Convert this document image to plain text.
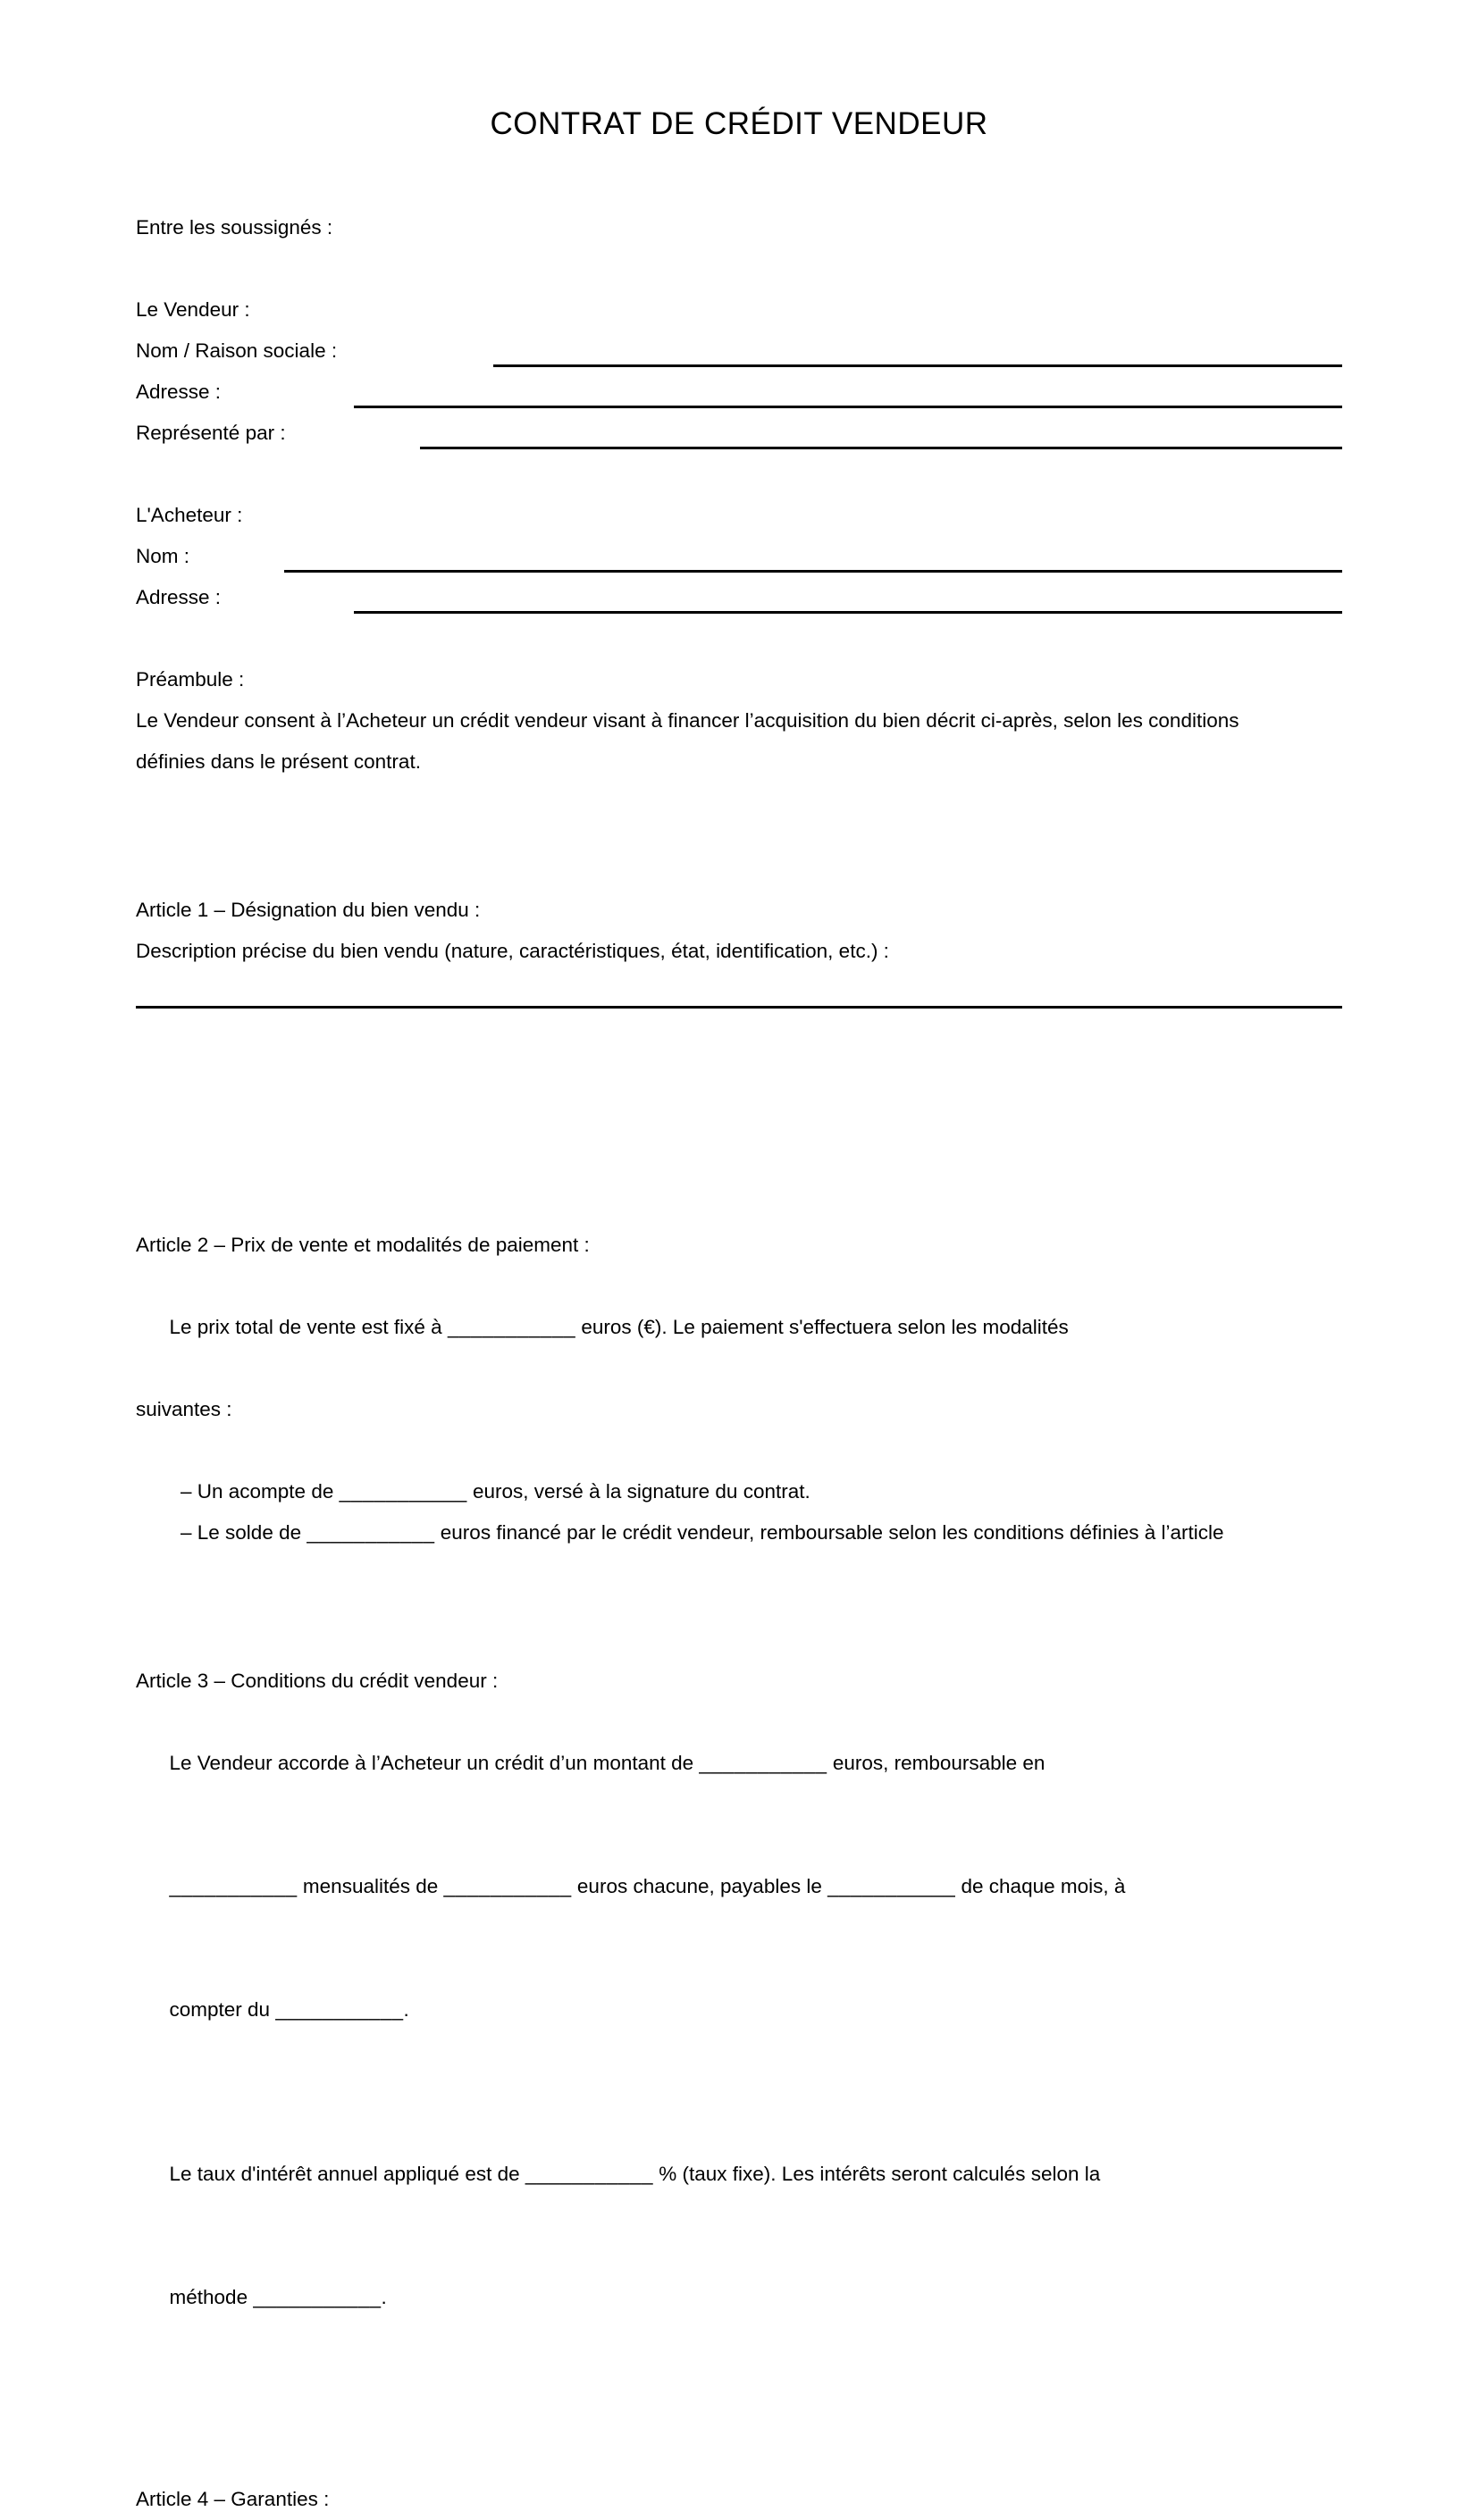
CONTRAT DE CRÉDIT VENDEUR
Entre les soussignés :
Le Vendeur :
Nom / Raison sociale :
Adresse :
Représenté par :
L'Acheteur :
Nom :
Adresse :
Préambule :
Le Vendeur consent à l’Acheteur un crédit vendeur visant à financer l’acquisition du bien décrit ci-après, selon les conditions définies dans le présent contrat.
Article 1 – Désignation du bien vendu :
Description précise du bien vendu (nature, caractéristiques, état, identification, etc.) :
Article 2 – Prix de vente et modalités de paiement :

Le prix total de vente est fixé à ___________ euros (€). Le paiement s'effectuera selon les modalités

suivantes :
– Un acompte de ___________ euros, versé à la signature du contrat.
– Le solde de ___________ euros financé par le crédit vendeur, remboursable selon les conditions définies à l’article
Article 3 – Conditions du crédit vendeur :

Le Vendeur accorde à l’Acheteur un crédit d’un montant de ___________ euros, remboursable en

___________ mensualités de ___________ euros chacune, payables le ___________ de chaque mois, à

compter du ___________.

Le taux d'intérêt annuel appliqué est de ___________ % (taux fixe). Les intérêts seront calculés selon la

méthode ___________.

Article 4 – Garanties :
